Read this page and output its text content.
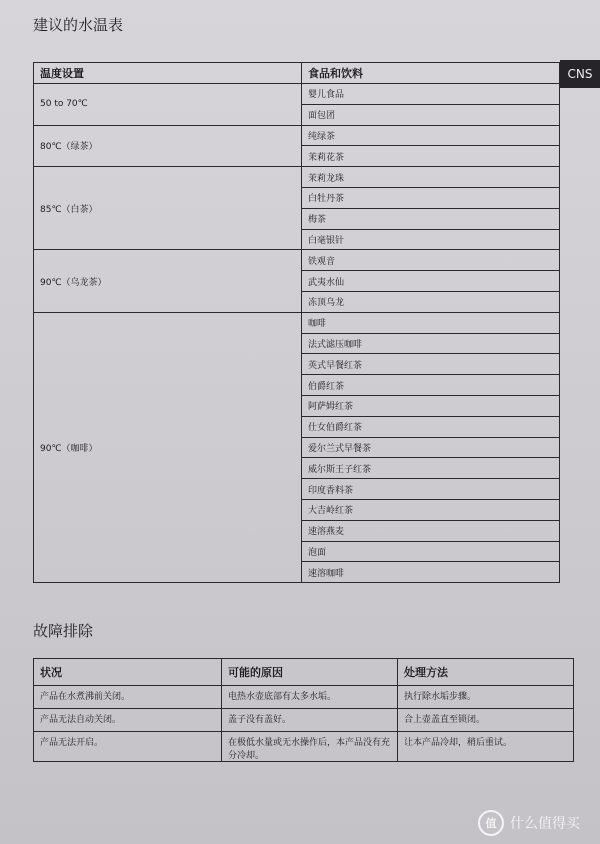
建议的水温表
CNS
温度设置	食品和饮料
50 to 70℃	婴儿食品
	面包团
80℃（绿茶）	纯绿茶
	茉莉花茶
85℃（白茶）	茉莉龙珠
	白牡丹茶
	梅茶
	白毫银针
90℃（乌龙茶）	铁观音
	武夷水仙
	冻顶乌龙
90℃（咖啡）	咖啡
	法式滤压咖啡
	英式早餐红茶
	伯爵红茶
	阿萨姆红茶
	仕女伯爵红茶
	爱尔兰式早餐茶
	威尔斯王子红茶
	印度香料茶
	大吉岭红茶
	速溶燕麦
	泡面
	速溶咖啡
故障排除
状况	可能的原因	处理方法
产品在水煮沸前关闭。	电热水壶底部有太多水垢。	执行除水垢步骤。
产品无法自动关闭。	盖子没有盖好。	合上壶盖直至锁闭。
产品无法开启。	在极低水量或无水操作后，本产品没有充分冷却。	让本产品冷却，稍后重试。
值 什么值得买
